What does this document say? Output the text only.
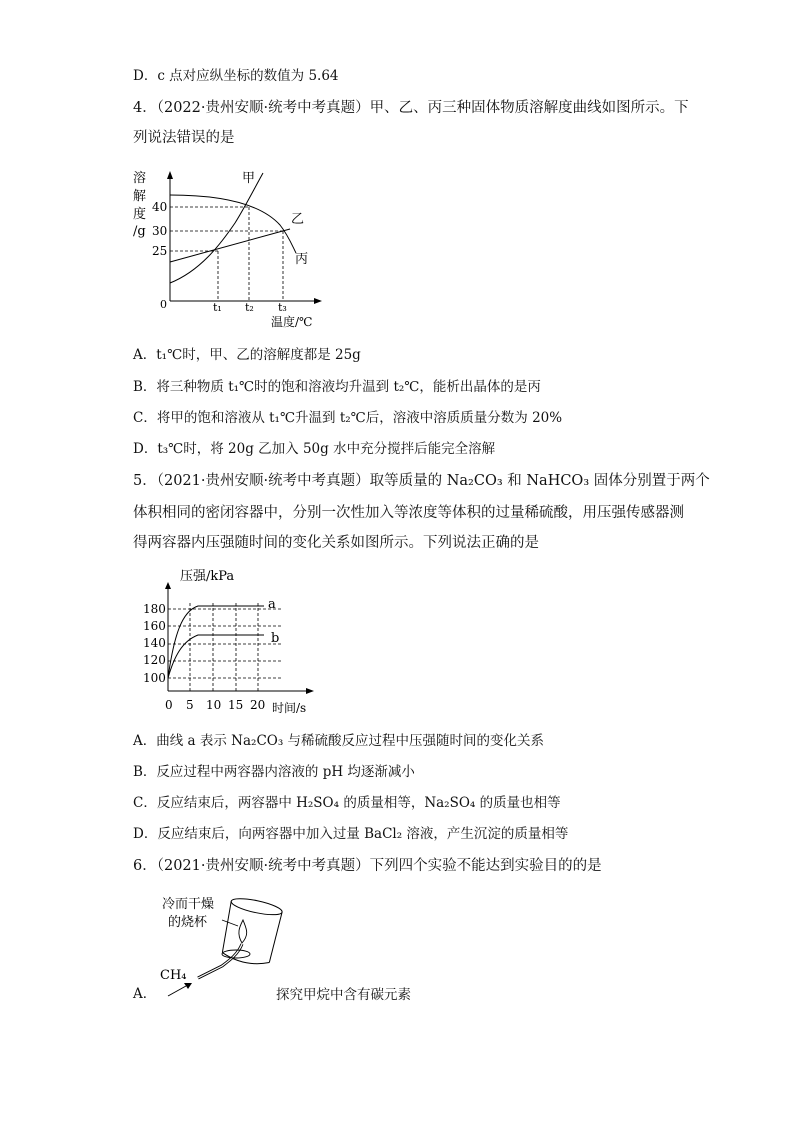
D．c 点对应纵坐标的数值为 5.64
4．（2022·贵州安顺·统考中考真题）甲、乙、丙三种固体物质溶解度曲线如图所示。下
列说法错误的是
溶
解
度
/g
40
30
25
0
甲
乙
丙
t₁ t₂ t₃
温度/℃
A．t₁℃时，甲、乙的溶解度都是 25g
B．将三种物质 t₁℃时的饱和溶液均升温到 t₂℃，能析出晶体的是丙
C．将甲的饱和溶液从 t₁℃升温到 t₂℃后，溶液中溶质质量分数为 20%
D．t₃℃时，将 20g 乙加入 50g 水中充分搅拌后能完全溶解
5．（2021·贵州安顺·统考中考真题）取等质量的 Na₂CO₃ 和 NaHCO₃ 固体分别置于两个
体积相同的密闭容器中，分别一次性加入等浓度等体积的过量稀硫酸，用压强传感器测
得两容器内压强随时间的变化关系如图所示。下列说法正确的是
压强/kPa
180
160
140
120
100
a
b
0 5 10 15 20 时间/s
A．曲线 a 表示 Na₂CO₃ 与稀硫酸反应过程中压强随时间的变化关系
B．反应过程中两容器内溶液的 pH 均逐渐减小
C．反应结束后，两容器中 H₂SO₄ 的质量相等，Na₂SO₄ 的质量也相等
D．反应结束后，向两容器中加入过量 BaCl₂ 溶液，产生沉淀的质量相等
6．（2021·贵州安顺·统考中考真题）下列四个实验不能达到实验目的的是
A．
冷而干燥
的烧杯
CH₄
探究甲烷中含有碳元素
